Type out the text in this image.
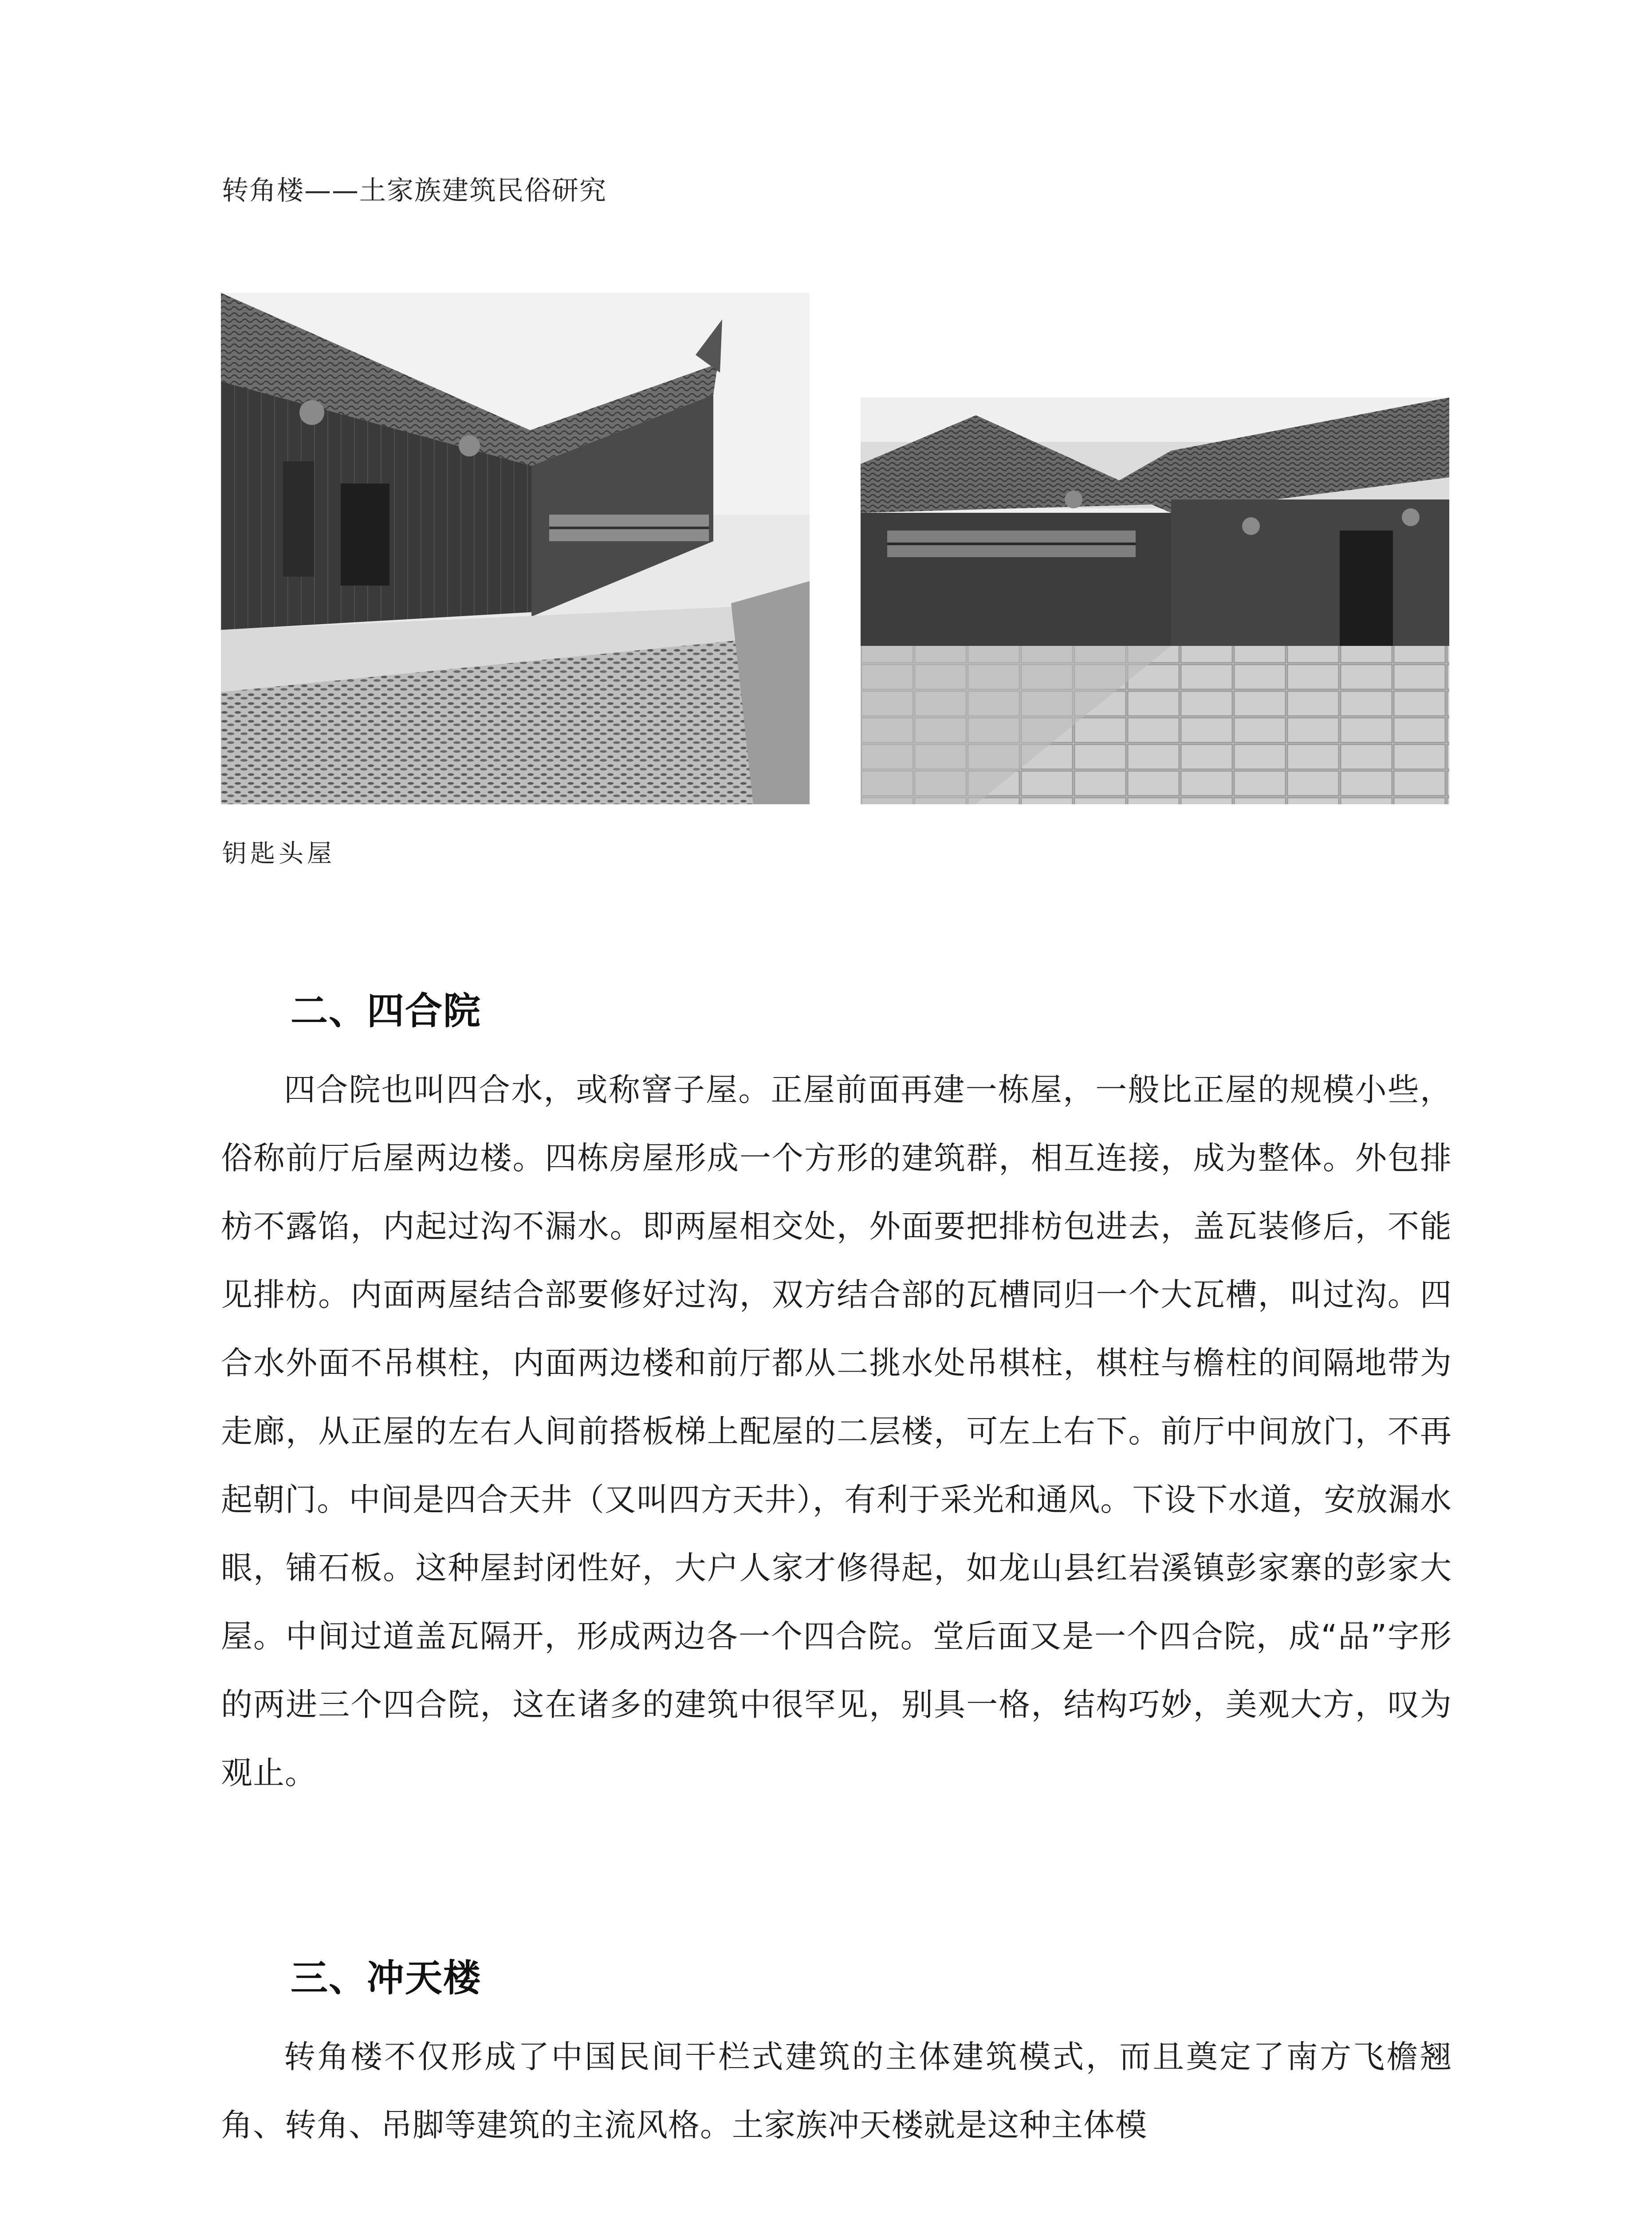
转角楼——土家族建筑民俗研究
钥匙头屋
二、四合院
四合院也叫四合水，或称窨子屋。正屋前面再建一栋屋，一般比正屋的规模小些，俗称前厅后屋两边楼。四栋房屋形成一个方形的建筑群，相互连接，成为整体。外包排枋不露馅，内起过沟不漏水。即两屋相交处，外面要把排枋包进去，盖瓦装修后，不能见排枋。内面两屋结合部要修好过沟，双方结合部的瓦槽同归一个大瓦槽，叫过沟。四合水外面不吊棋柱，内面两边楼和前厅都从二挑水处吊棋柱，棋柱与檐柱的间隔地带为走廊，从正屋的左右人间前搭板梯上配屋的二层楼，可左上右下。前厅中间放门，不再起朝门。中间是四合天井（又叫四方天井），有利于采光和通风。下设下水道，安放漏水眼，铺石板。这种屋封闭性好，大户人家才修得起，如龙山县红岩溪镇彭家寨的彭家大屋。中间过道盖瓦隔开，形成两边各一个四合院。堂后面又是一个四合院，成“品”字形的两进三个四合院，这在诸多的建筑中很罕见，别具一格，结构巧妙，美观大方，叹为观止。
三、冲天楼
转角楼不仅形成了中国民间干栏式建筑的主体建筑模式，而且奠定了南方飞檐翘角、转角、吊脚等建筑的主流风格。土家族冲天楼就是这种主体模
